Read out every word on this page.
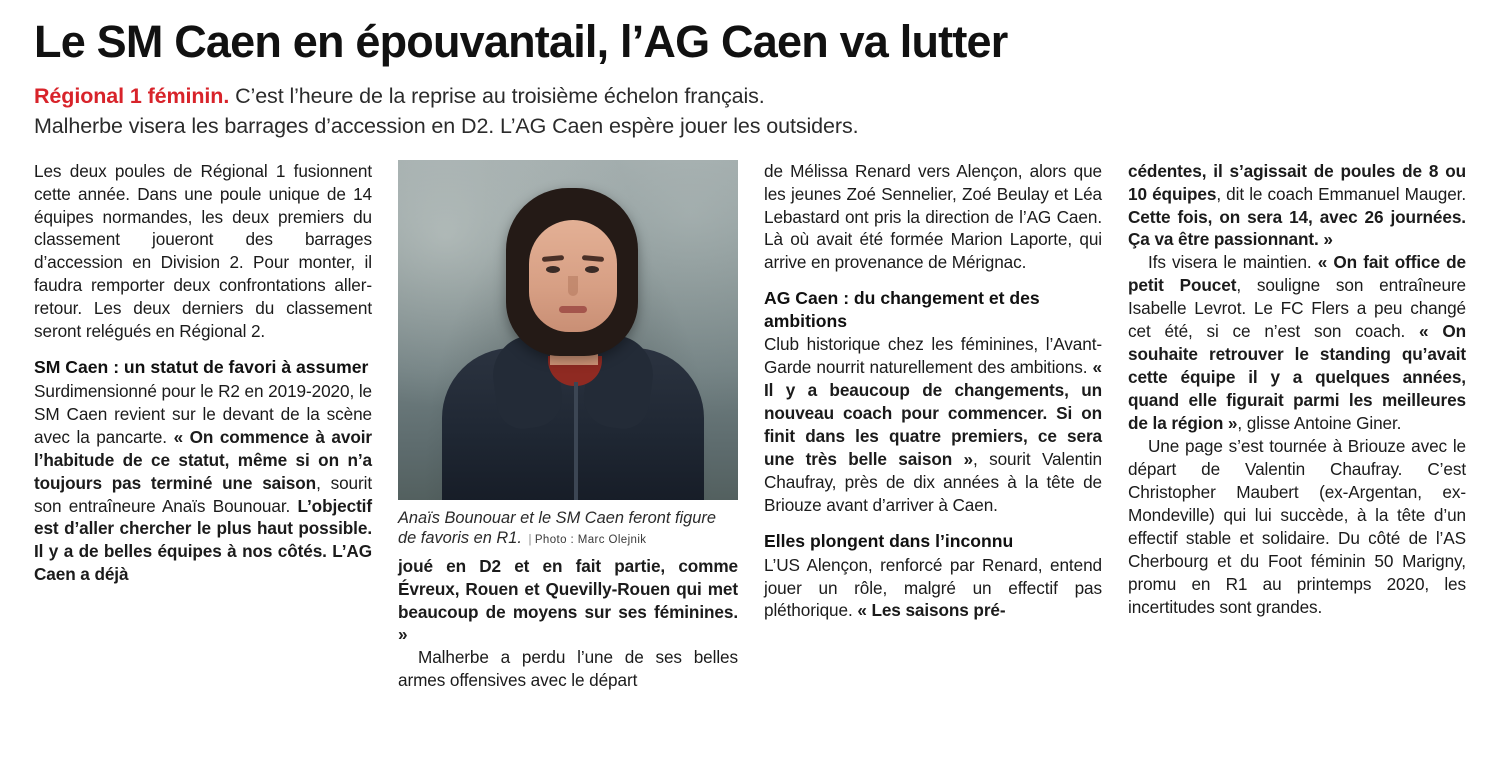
Le SM Caen en épouvantail, l’AG Caen va lutter
Régional 1 féminin. C’est l’heure de la reprise au troisième échelon français.
Malherbe visera les barrages d’accession en D2. L’AG Caen espère jouer les outsiders.

Les deux poules de Régional 1 fusionnent cette année. Dans une poule unique de 14 équipes normandes, les deux premiers du classement joueront des barrages d’accession en Division 2. Pour monter, il faudra remporter deux confrontations aller-retour. Les deux derniers du classement seront relégués en Régional 2.

SM Caen : un statut de favori à assumer

Surdimensionné pour le R2 en 2019-2020, le SM Caen revient sur le devant de la scène avec la pancarte. « On commence à avoir l’habitude de ce statut, même si on n’a toujours pas terminé une saison, sourit son entraîneure Anaïs Bounouar. L’objectif est d’aller chercher le plus haut possible. Il y a de belles équipes à nos côtés. L’AG Caen a déjà

Anaïs Bounouar et le SM Caen feront figure de favoris en R1. | Photo : Marc Olejnik

joué en D2 et en fait partie, comme Évreux, Rouen et Quevilly-Rouen qui met beaucoup de moyens sur ses féminines. »

Malherbe a perdu l’une de ses belles armes offensives avec le départ

de Mélissa Renard vers Alençon, alors que les jeunes Zoé Sennelier, Zoé Beulay et Léa Lebastard ont pris la direction de l’AG Caen. Là où avait été formée Marion Laporte, qui arrive en provenance de Mérignac.

AG Caen : du changement et des ambitions

Club historique chez les féminines, l’Avant-Garde nourrit naturellement des ambitions. « Il y a beaucoup de changements, un nouveau coach pour commencer. Si on finit dans les quatre premiers, ce sera une très belle saison », sourit Valentin Chaufray, près de dix années à la tête de Briouze avant d’arriver à Caen.

Elles plongent dans l’inconnu

L’US Alençon, renforcé par Renard, entend jouer un rôle, malgré un effectif pas pléthorique. « Les saisons pré-

cédentes, il s’agissait de poules de 8 ou 10 équipes, dit le coach Emmanuel Mauger. Cette fois, on sera 14, avec 26 journées. Ça va être passionnant. »

Ifs visera le maintien. « On fait office de petit Poucet, souligne son entraîneure Isabelle Levrot. Le FC Flers a peu changé cet été, si ce n’est son coach. « On souhaite retrouver le standing qu’avait cette équipe il y a quelques années, quand elle figurait parmi les meilleures de la région », glisse Antoine Giner.

Une page s’est tournée à Briouze avec le départ de Valentin Chaufray. C’est Christopher Maubert (ex-Argentan, ex-Mondeville) qui lui succède, à la tête d’un effectif stable et solidaire. Du côté de l’AS Cherbourg et du Foot féminin 50 Marigny, promu en R1 au printemps 2020, les incertitudes sont grandes.
